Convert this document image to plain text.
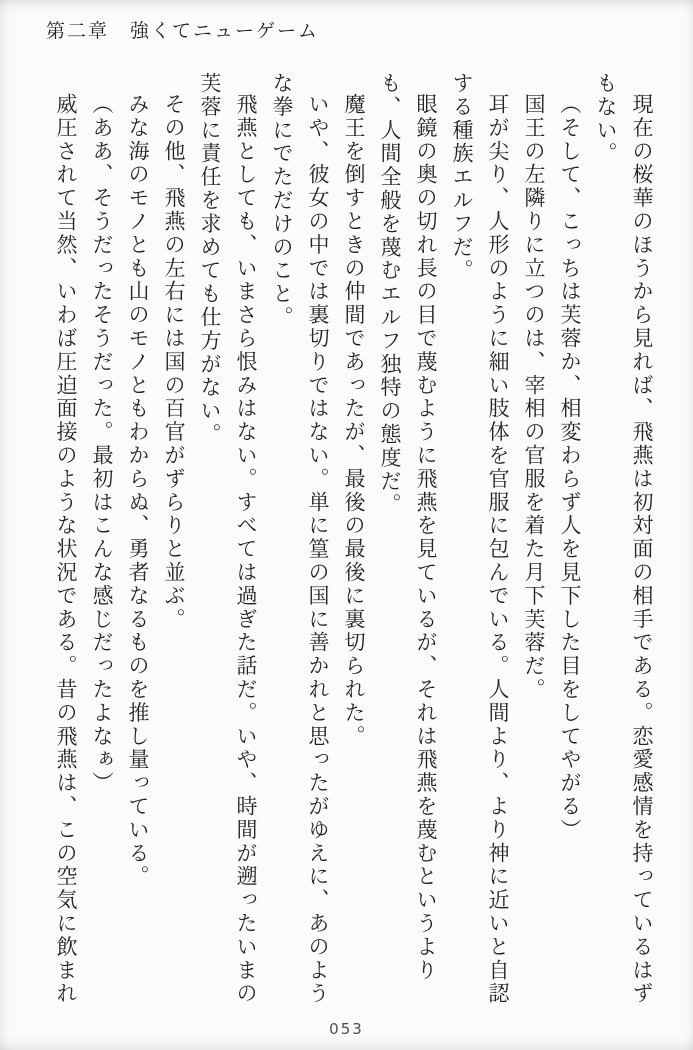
第二章　強くてニューゲーム

現在の桜華のほうから見れば、飛燕は初対面の相手である。恋愛感情を持っているはずもない。

（そして、こっちは芙蓉か、相変わらず人を見下した目をしてやがる）

国王の左隣りに立つのは、宰相の官服を着た月下芙蓉だ。

耳が尖り、人形のように細い肢体を官服に包んでいる。人間より、より神に近いと自認する種族エルフだ。

眼鏡の奥の切れ長の目で蔑むように飛燕を見ているが、それは飛燕を蔑むというよりも、人間全般を蔑むエルフ独特の態度だ。

魔王を倒すときの仲間であったが、最後の最後に裏切られた。

いや、彼女の中では裏切りではない。単に篁の国に善かれと思ったがゆえに、あのような拳にでただけのこと。

飛燕としても、いまさら恨みはない。すべては過ぎた話だ。いや、時間が遡ったいまの芙蓉に責任を求めても仕方がない。

その他、飛燕の左右には国の百官がずらりと並ぶ。

みな海のモノとも山のモノともわからぬ、勇者なるものを推し量っている。

（ああ、そうだったそうだった。最初はこんな感じだったよなぁ）

威圧されて当然、いわば圧迫面接のような状況である。昔の飛燕は、この空気に飲まれ

053
